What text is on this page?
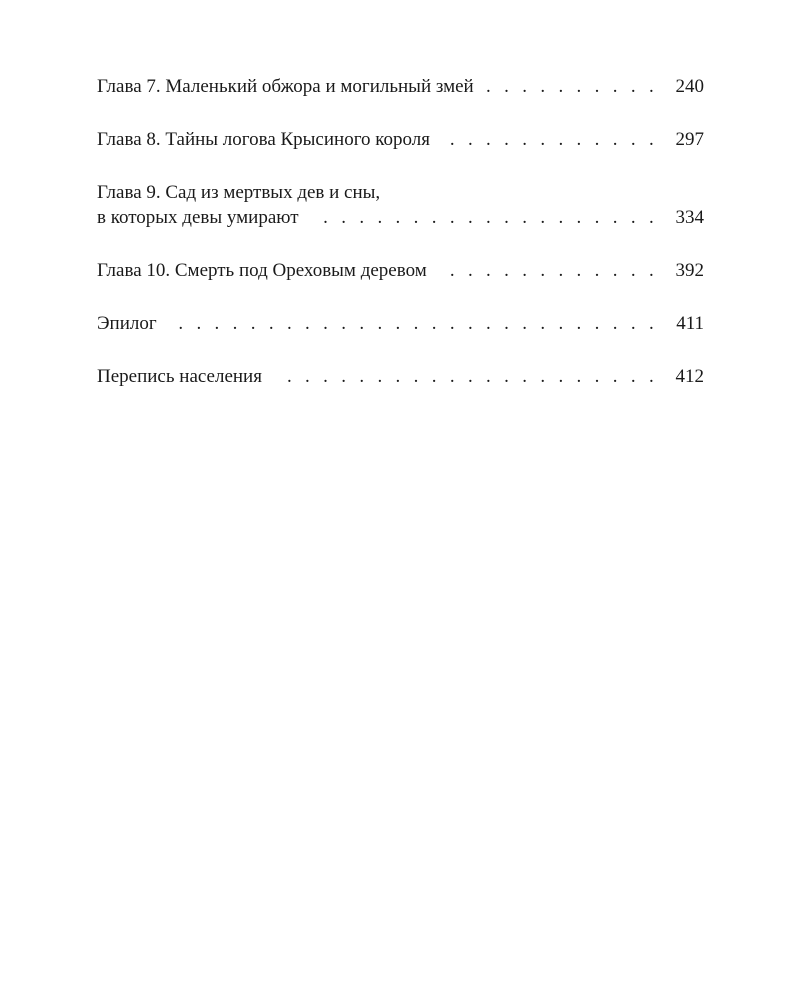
Глава 7. Маленький обжора и могильный змей . . .	240
Глава 8. Тайны логова Крысиного короля . . .	297
Глава 9. Сад из мертвых дев и сны,
в которых девы умирают . . .	334
Глава 10. Смерть под Ореховым деревом . . .	392
Эпилог . . .	411
Перепись населения . . .	412
